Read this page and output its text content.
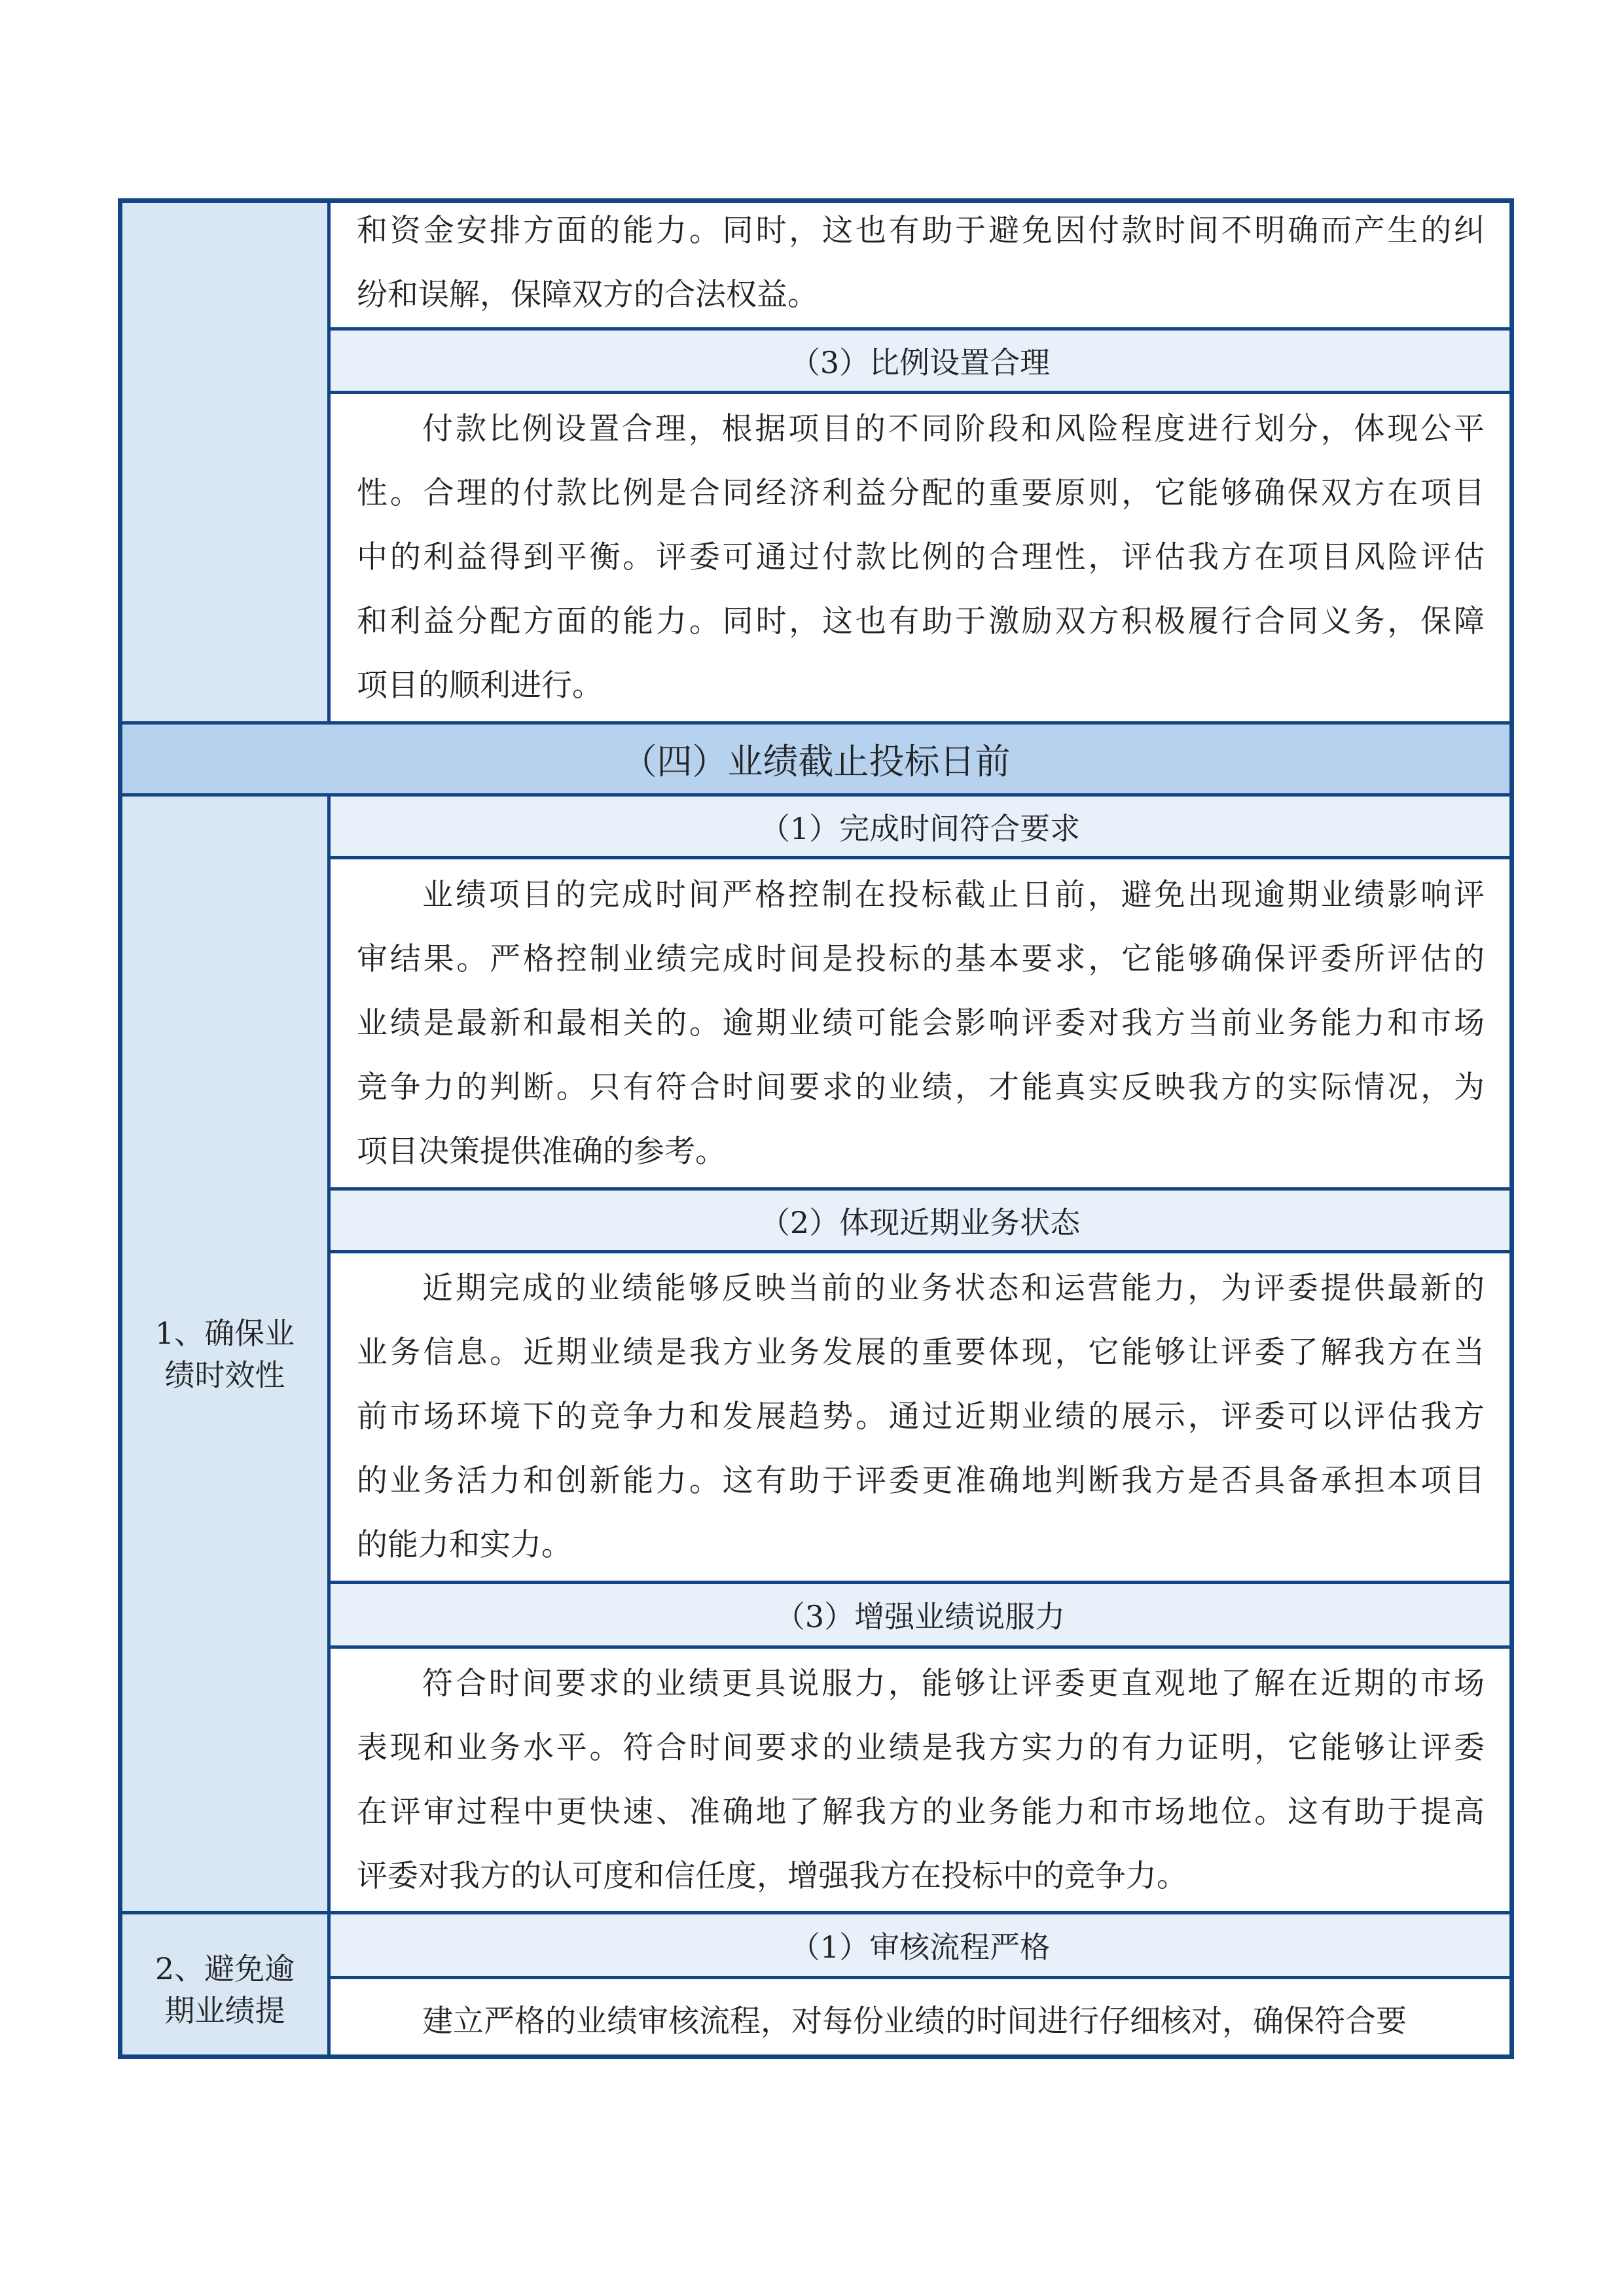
和资金安排方面的能力。同时，这也有助于避免因付款时间不明确而产生的纠
纷和误解，保障双方的合法权益。
（3）比例设置合理
付款比例设置合理，根据项目的不同阶段和风险程度进行划分，体现公平
性。合理的付款比例是合同经济利益分配的重要原则，它能够确保双方在项目
中的利益得到平衡。评委可通过付款比例的合理性，评估我方在项目风险评估
和利益分配方面的能力。同时，这也有助于激励双方积极履行合同义务，保障
项目的顺利进行。
（四）业绩截止投标日前
（1）完成时间符合要求
业绩项目的完成时间严格控制在投标截止日前，避免出现逾期业绩影响评
审结果。严格控制业绩完成时间是投标的基本要求，它能够确保评委所评估的
业绩是最新和最相关的。逾期业绩可能会影响评委对我方当前业务能力和市场
竞争力的判断。只有符合时间要求的业绩，才能真实反映我方的实际情况，为
项目决策提供准确的参考。
（2）体现近期业务状态
近期完成的业绩能够反映当前的业务状态和运营能力，为评委提供最新的
业务信息。近期业绩是我方业务发展的重要体现，它能够让评委了解我方在当
前市场环境下的竞争力和发展趋势。通过近期业绩的展示，评委可以评估我方
的业务活力和创新能力。这有助于评委更准确地判断我方是否具备承担本项目
的能力和实力。
（3）增强业绩说服力
符合时间要求的业绩更具说服力，能够让评委更直观地了解在近期的市场
表现和业务水平。符合时间要求的业绩是我方实力的有力证明，它能够让评委
在评审过程中更快速、准确地了解我方的业务能力和市场地位。这有助于提高
评委对我方的认可度和信任度，增强我方在投标中的竞争力。
（1）审核流程严格
建立严格的业绩审核流程，对每份业绩的时间进行仔细核对，确保符合要
1、确保业
绩时效性
2、避免逾
期业绩提
